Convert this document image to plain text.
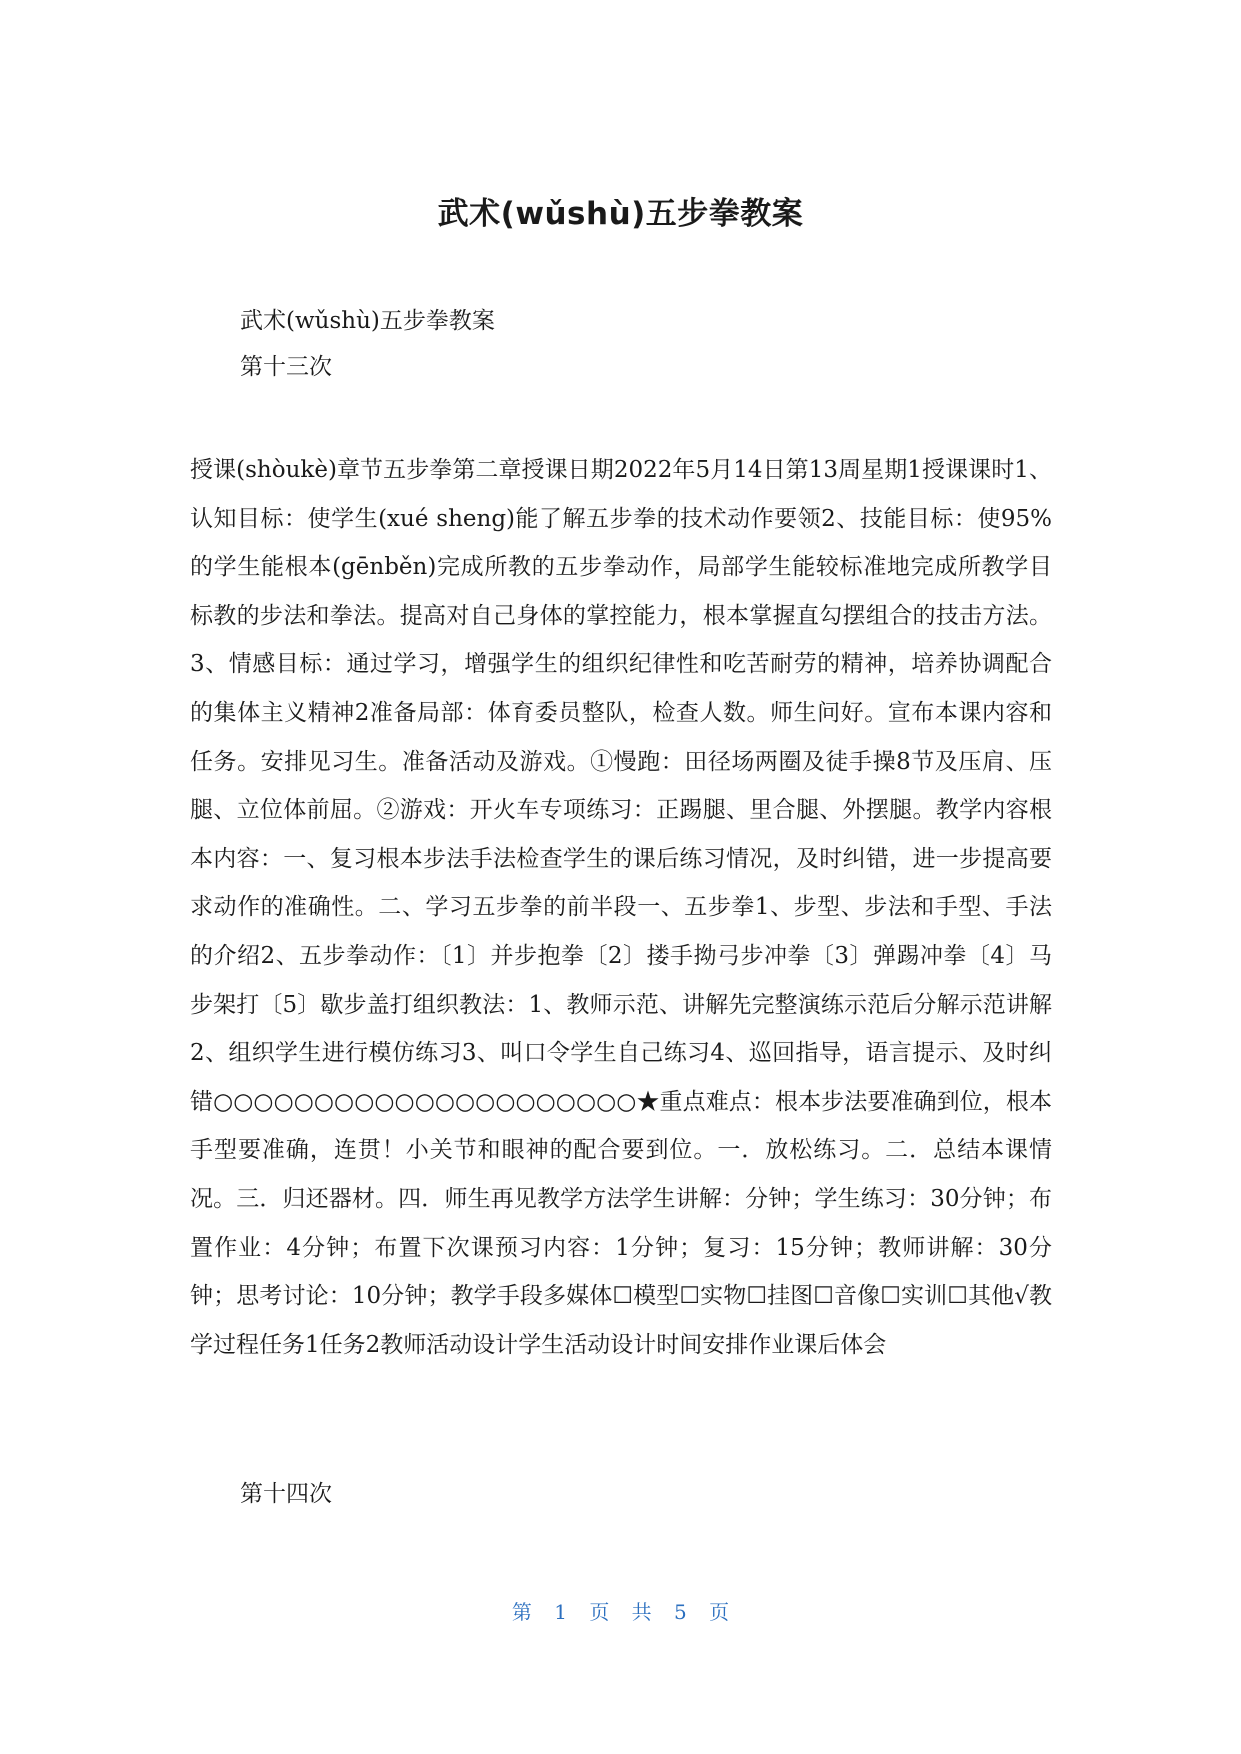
武术(wǔshù)五步拳教案

武术(wǔshù)五步拳教案

第十三次

授课(shòukè)章节五步拳第二章授课日期2022年5月14日第13周星期1授课课时1、认知目标：使学生(xué sheng)能了解五步拳的技术动作要领2、技能目标：使95%的学生能根本(gēnběn)完成所教的五步拳动作，局部学生能较标准地完成所教学目标教的步法和拳法。提高对自己身体的掌控能力，根本掌握直勾摆组合的技击方法。3、情感目标：通过学习，增强学生的组织纪律性和吃苦耐劳的精神，培养协调配合的集体主义精神2准备局部：体育委员整队，检查人数。师生问好。宣布本课内容和任务。安排见习生。准备活动及游戏。①慢跑：田径场两圈及徒手操8节及压肩、压腿、立位体前屈。②游戏：开火车专项练习：正踢腿、里合腿、外摆腿。教学内容根本内容：一、复习根本步法手法检查学生的课后练习情况，及时纠错，进一步提高要求动作的准确性。二、学习五步拳的前半段一、五步拳1、步型、步法和手型、手法的介绍2、五步拳动作：〔1〕并步抱拳〔2〕搂手拗弓步冲拳〔3〕弹踢冲拳〔4〕马步架打〔5〕歇步盖打组织教法：1、教师示范、讲解先完整演练示范后分解示范讲解2、组织学生进行模仿练习3、叫口令学生自己练习4、巡回指导，语言提示、及时纠错○○○○○○○○○○○○○○○○○○○○○★重点难点：根本步法要准确到位，根本手型要准确，连贯！小关节和眼神的配合要到位。一．放松练习。二．总结本课情况。三．归还器材。四．师生再见教学方法学生讲解：分钟；学生练习：30分钟；布置作业：4分钟；布置下次课预习内容：1分钟；复习：15分钟；教师讲解：30分钟；思考讨论：10分钟；教学手段多媒体☐模型☐实物☐挂图☐音像☐实训☐其他√教学过程任务1任务2教师活动设计学生活动设计时间安排作业课后体会

第十四次

第 1 页 共 5 页
